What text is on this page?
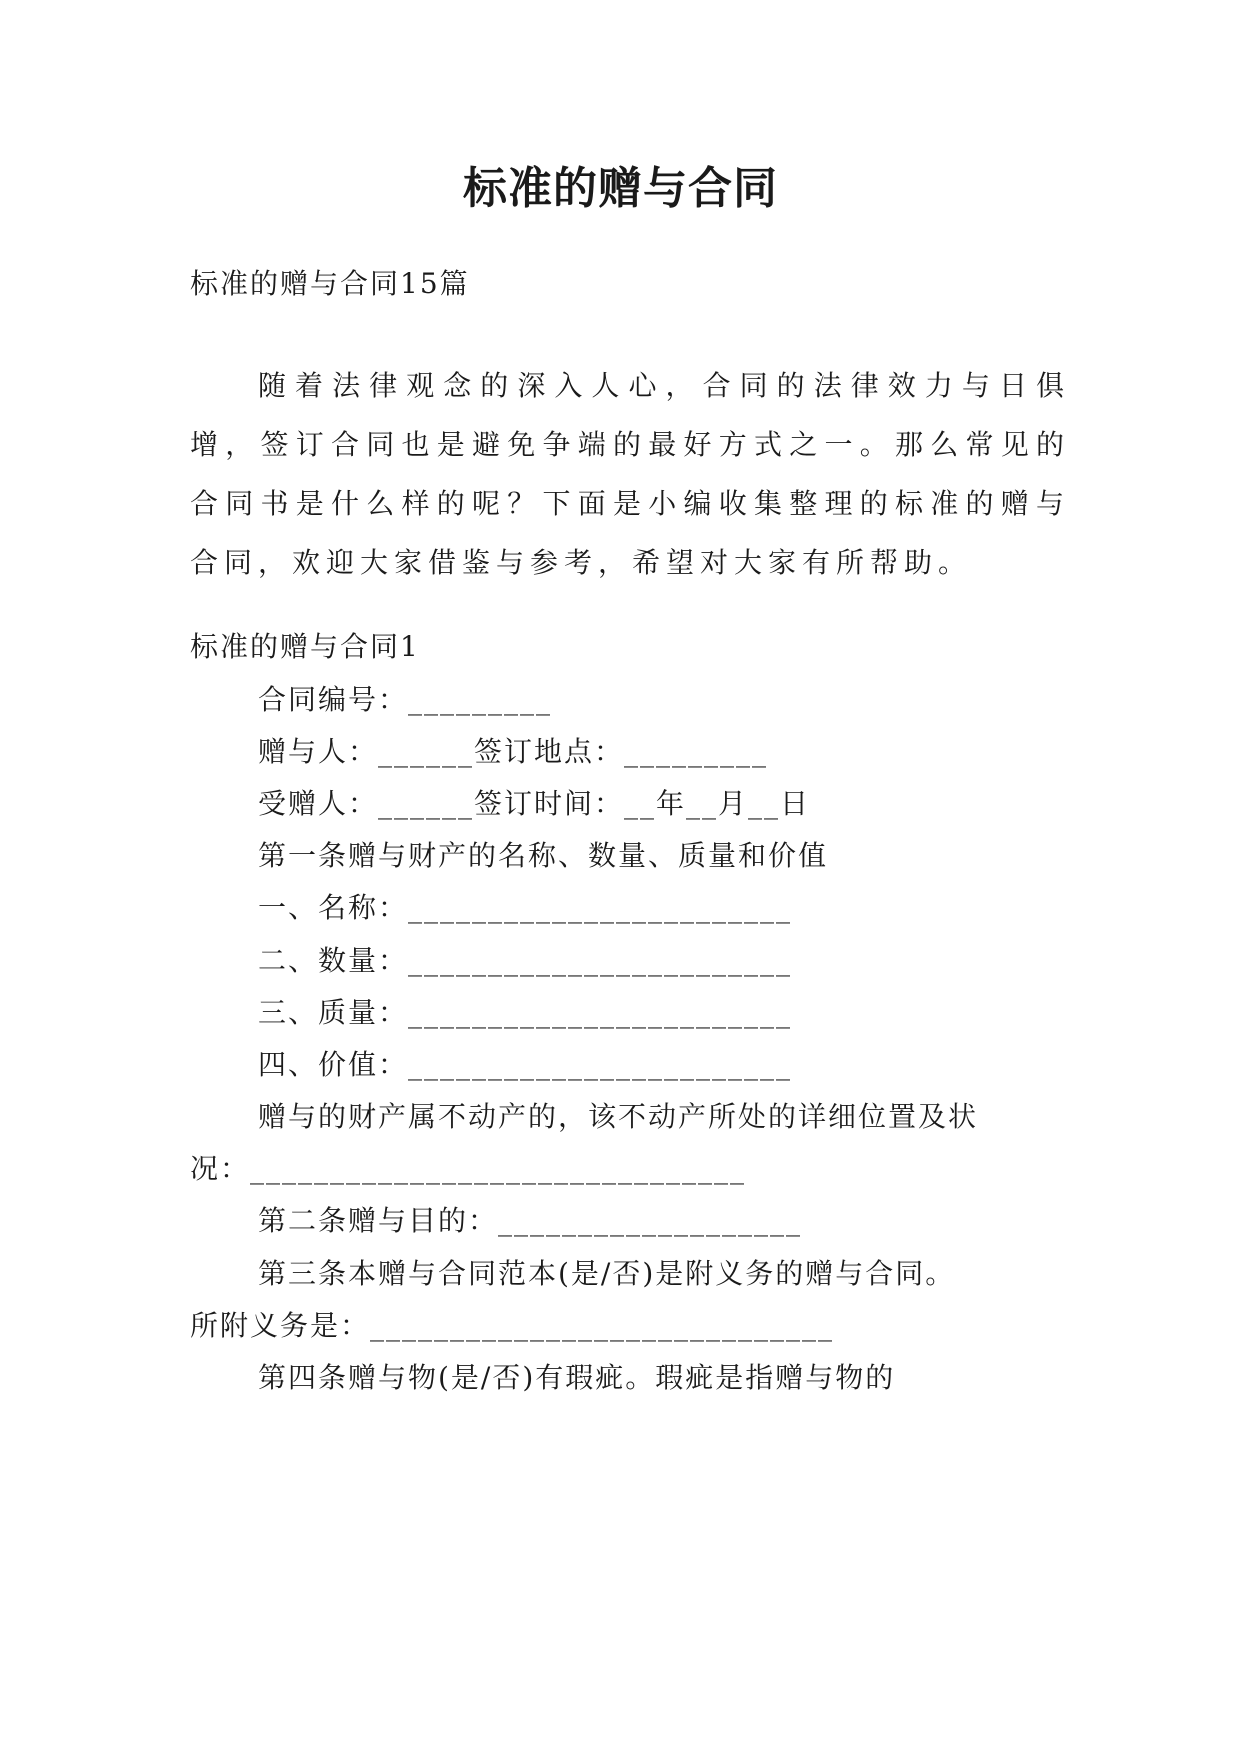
标准的赠与合同
标准的赠与合同15篇
随着法律观念的深入人心，合同的法律效力与日俱增，签订合同也是避免争端的最好方式之一。那么常见的合同书是什么样的呢？下面是小编收集整理的标准的赠与合同，欢迎大家借鉴与参考，希望对大家有所帮助。
标准的赠与合同1
合同编号：_________
赠与人：______签订地点：_________
受赠人：______签订时间：__年__月__日
第一条赠与财产的名称、数量、质量和价值
一、名称：________________________
二、数量：________________________
三、质量：________________________
四、价值：________________________
赠与的财产属不动产的，该不动产所处的详细位置及状
况：_______________________________
第二条赠与目的：___________________
第三条本赠与合同范本(是/否)是附义务的赠与合同。
所附义务是：_____________________________
第四条赠与物(是/否)有瑕疵。瑕疵是指赠与物的
